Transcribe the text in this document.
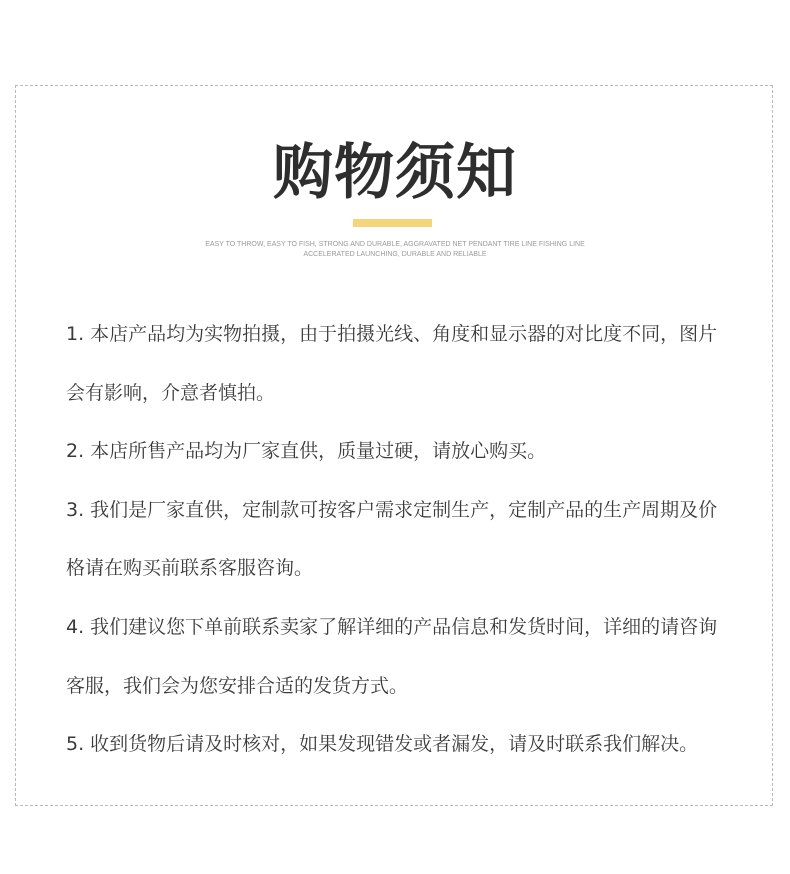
购物须知
EASY TO THROW, EASY TO FISH, STRONG AND DURABLE, AGGRAVATED NET PENDANT TIRE LINE FISHING LINE
ACCELERATED LAUNCHING, DURABLE AND RELIABLE
1. 本店产品均为实物拍摄，由于拍摄光线、角度和显示器的对比度不同，图片会有影响，介意者慎拍。
2. 本店所售产品均为厂家直供，质量过硬，请放心购买。
3. 我们是厂家直供，定制款可按客户需求定制生产，定制产品的生产周期及价格请在购买前联系客服咨询。
4. 我们建议您下单前联系卖家了解详细的产品信息和发货时间，详细的请咨询客服，我们会为您安排合适的发货方式。
5. 收到货物后请及时核对，如果发现错发或者漏发，请及时联系我们解决。
